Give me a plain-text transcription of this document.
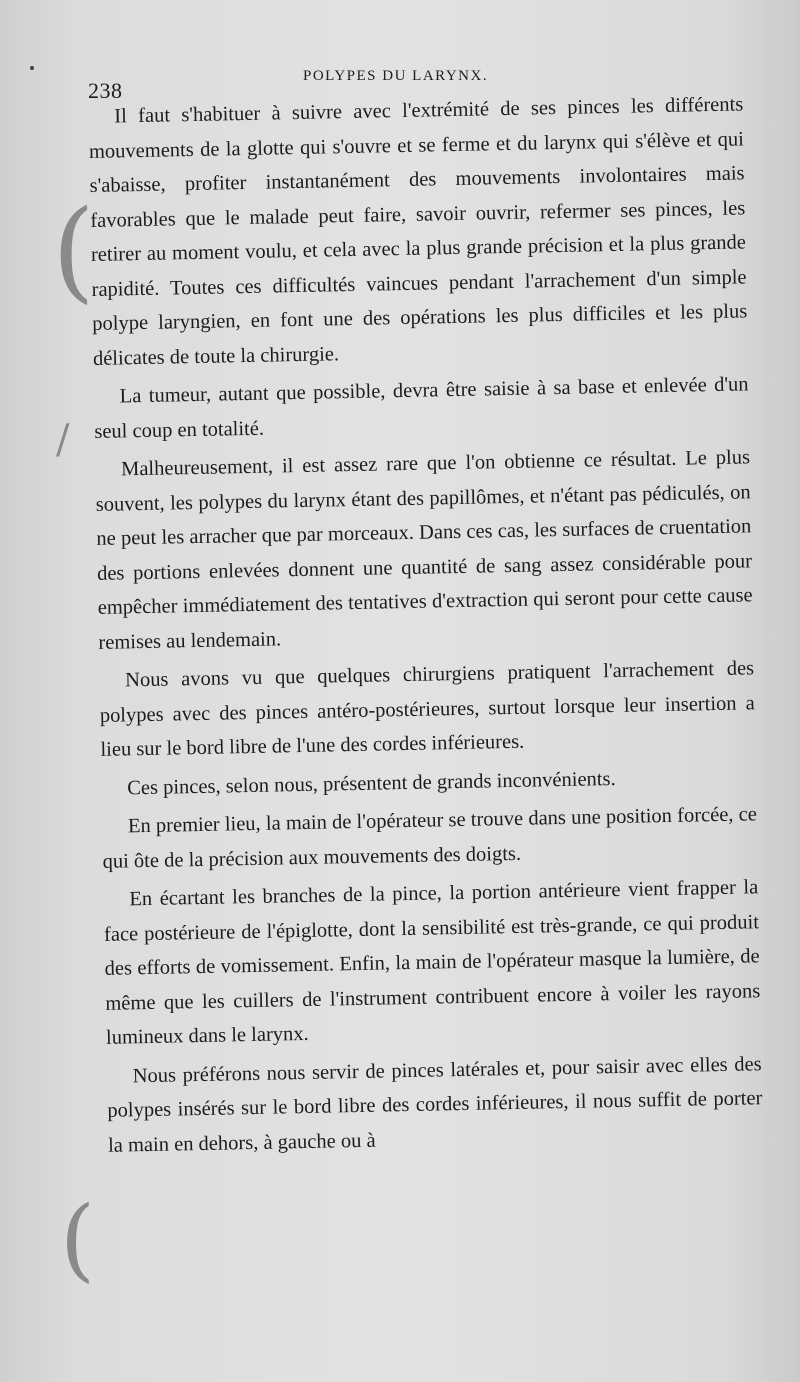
238
POLYPES DU LARYNX.
(
/
(

Il faut s'habituer à suivre avec l'extrémité de ses pinces les différents mouvements de la glotte qui s'ouvre et se ferme et du larynx qui s'élève et qui s'abaisse, profiter instantanément des mouvements involontaires mais favorables que le malade peut faire, savoir ouvrir, refermer ses pinces, les retirer au moment voulu, et cela avec la plus grande précision et la plus grande rapidité. Toutes ces difficultés vaincues pendant l'arrachement d'un simple polype laryngien, en font une des opérations les plus difficiles et les plus délicates de toute la chirurgie.

La tumeur, autant que possible, devra être saisie à sa base et enlevée d'un seul coup en totalité.

Malheureusement, il est assez rare que l'on obtienne ce résultat. Le plus souvent, les polypes du larynx étant des papillômes, et n'étant pas pédiculés, on ne peut les arracher que par morceaux. Dans ces cas, les surfaces de cruentation des portions enlevées donnent une quantité de sang assez considérable pour empêcher immédiatement des tentatives d'extraction qui seront pour cette cause remises au lendemain.

Nous avons vu que quelques chirurgiens pratiquent l'arrachement des polypes avec des pinces antéro-postérieures, surtout lorsque leur insertion a lieu sur le bord libre de l'une des cordes inférieures.

Ces pinces, selon nous, présentent de grands inconvénients.

En premier lieu, la main de l'opérateur se trouve dans une position forcée, ce qui ôte de la précision aux mouvements des doigts.

En écartant les branches de la pince, la portion antérieure vient frapper la face postérieure de l'épiglotte, dont la sensibilité est très-grande, ce qui produit des efforts de vomissement. Enfin, la main de l'opérateur masque la lumière, de même que les cuillers de l'instrument contribuent encore à voiler les rayons lumineux dans le larynx.

Nous préférons nous servir de pinces latérales et, pour saisir avec elles des polypes insérés sur le bord libre des cordes inférieures, il nous suffit de porter la main en dehors, à gauche ou à
